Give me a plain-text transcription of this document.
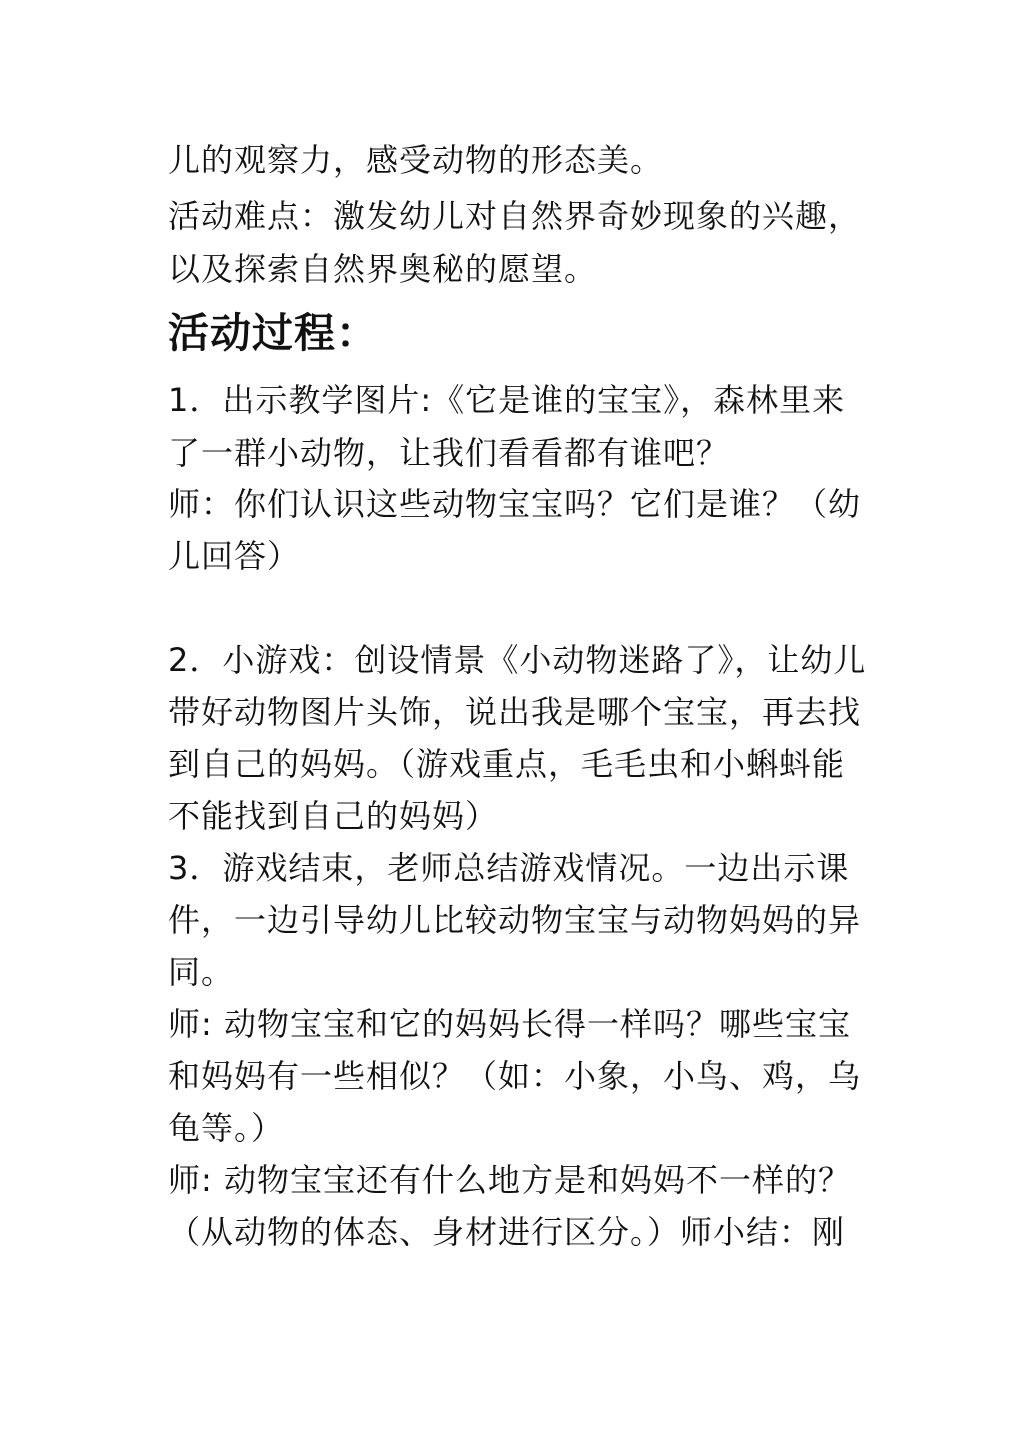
儿的观察力，感受动物的形态美。
活动难点：激发幼儿对自然界奇妙现象的兴趣，
以及探索自然界奥秘的愿望。
活动过程：
1．出示教学图片:《它是谁的宝宝》，森林里来
了一群小动物，让我们看看都有谁吧？
师：你们认识这些动物宝宝吗？它们是谁？（幼
儿回答）
2．小游戏：创设情景《小动物迷路了》，让幼儿
带好动物图片头饰，说出我是哪个宝宝，再去找
到自己的妈妈。（游戏重点，毛毛虫和小蝌蚪能
不能找到自己的妈妈）
3．游戏结束，老师总结游戏情况。一边出示课
件，一边引导幼儿比较动物宝宝与动物妈妈的异
同。
师: 动物宝宝和它的妈妈长得一样吗？哪些宝宝
和妈妈有一些相似？（如：小象，小鸟、鸡，乌
龟等。）
师: 动物宝宝还有什么地方是和妈妈不一样的？
（从动物的体态、身材进行区分。）师小结：刚
